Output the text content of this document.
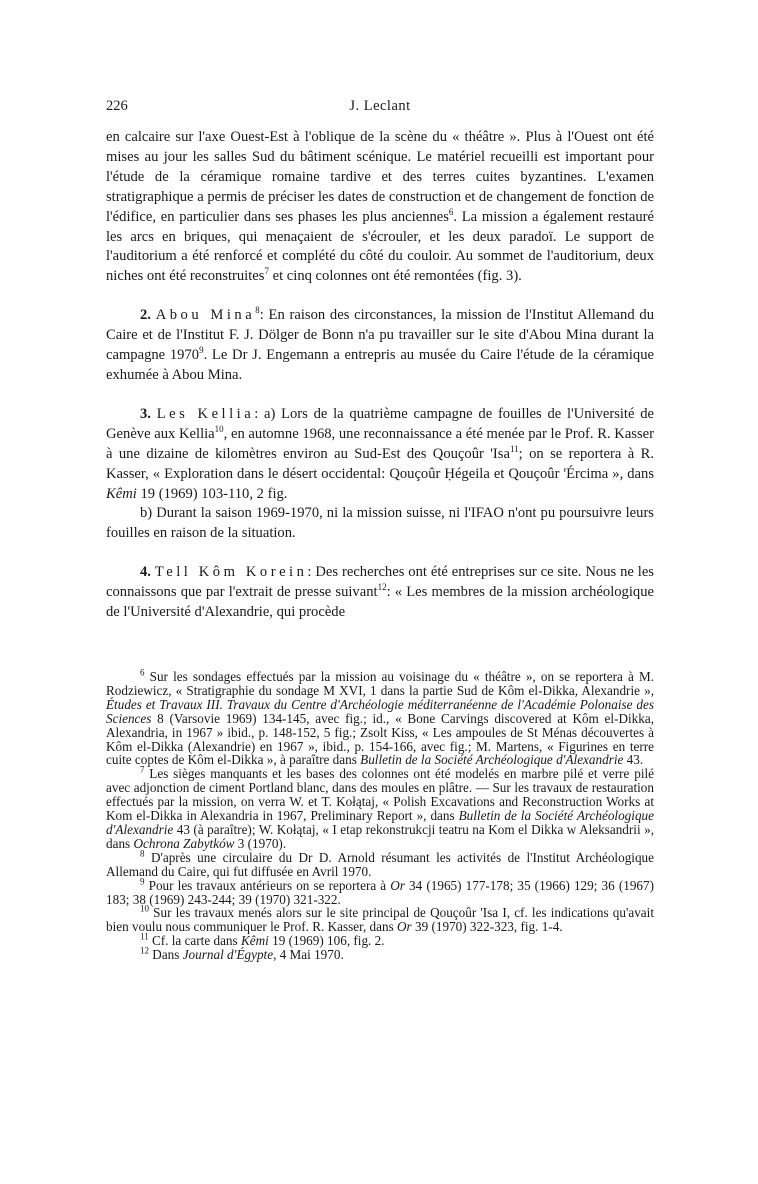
226	J. Leclant

en calcaire sur l'axe Ouest-Est à l'oblique de la scène du « théâtre ». Plus à l'Ouest ont été mises au jour les salles Sud du bâtiment scénique. Le matériel recueilli est important pour l'étude de la céramique romaine tardive et des terres cuites byzantines. L'examen stratigraphique a permis de préciser les dates de construction et de changement de fonction de l'édifice, en particulier dans ses phases les plus anciennes$^6$. La mission a également restauré les arcs en briques, qui menaçaient de s'écrouler, et les deux paradoï. Le support de l'auditorium a été renforcé et complété du côté du couloir. Au sommet de l'auditorium, deux niches ont été reconstruites$^7$ et cinq colonnes ont été remontées (fig. 3).

2. Abou Mina$^8$: En raison des circonstances, la mission de l'Institut Allemand du Caire et de l'Institut F. J. Dölger de Bonn n'a pu travailler sur le site d'Abou Mina durant la campagne 1970$^9$. Le Dr J. Engemann a entrepris au musée du Caire l'étude de la céramique exhumée à Abou Mina.

3. Les Kellia: a) Lors de la quatrième campagne de fouilles de l'Université de Genève aux Kellia$^{10}$, en automne 1968, une reconnaissance a été menée par le Prof. R. Kasser à une dizaine de kilomètres environ au Sud-Est des Qouçoûr 'Isa$^{11}$; on se reportera à R. Kasser, « Exploration dans le désert occidental: Qouçoûr Ḥégeila et Qouçoûr 'Ércima », dans Kêmi 19 (1969) 103-110, 2 fig.

b) Durant la saison 1969-1970, ni la mission suisse, ni l'IFAO n'ont pu poursuivre leurs fouilles en raison de la situation.

4. Tell Kôm Korein: Des recherches ont été entreprises sur ce site. Nous ne les connaissons que par l'extrait de presse suivant$^{12}$: « Les membres de la mission archéologique de l'Université d'Alexandrie, qui procède

$^6$ Sur les sondages effectués par la mission au voisinage du « théâtre », on se reportera à M. Rodziewicz, « Stratigraphie du sondage M XVI, 1 dans la partie Sud de Kôm el-Dikka, Alexandrie », Études et Travaux III. Travaux du Centre d'Archéologie méditerranéenne de l'Académie Polonaise des Sciences 8 (Varsovie 1969) 134-145, avec fig.; id., « Bone Carvings discovered at Kôm el-Dikka, Alexandria, in 1967 » ibid., p. 148-152, 5 fig.; Zsolt Kiss, « Les ampoules de St Ménas découvertes à Kôm el-Dikka (Alexandrie) en 1967 », ibid., p. 154-166, avec fig.; M. Martens, « Figurines en terre cuite coptes de Kôm el-Dikka », à paraître dans Bulletin de la Société Archéologique d'Alexandrie 43.

$^7$ Les sièges manquants et les bases des colonnes ont été modelés en marbre pilé et verre pilé avec adjonction de ciment Portland blanc, dans des moules en plâtre. — Sur les travaux de restauration effectués par la mission, on verra W. et T. Kołątaj, « Polish Excavations and Reconstruction Works at Kom el-Dikka in Alexandria in 1967, Preliminary Report », dans Bulletin de la Société Archéologique d'Alexandrie 43 (à paraître); W. Kołątaj, « I etap rekonstrukcji teatru na Kom el Dikka w Aleksandrii », dans Ochrona Zabytków 3 (1970).

$^8$ D'après une circulaire du Dr D. Arnold résumant les activités de l'Institut Archéologique Allemand du Caire, qui fut diffusée en Avril 1970.

$^9$ Pour les travaux antérieurs on se reportera à Or 34 (1965) 177-178; 35 (1966) 129; 36 (1967) 183; 38 (1969) 243-244; 39 (1970) 321-322.

$^{10}$ Sur les travaux menés alors sur le site principal de Qouçoûr 'Isa I, cf. les indications qu'avait bien voulu nous communiquer le Prof. R. Kasser, dans Or 39 (1970) 322-323, fig. 1-4.

$^{11}$ Cf. la carte dans Kêmi 19 (1969) 106, fig. 2.

$^{12}$ Dans Journal d'Égypte, 4 Mai 1970.
